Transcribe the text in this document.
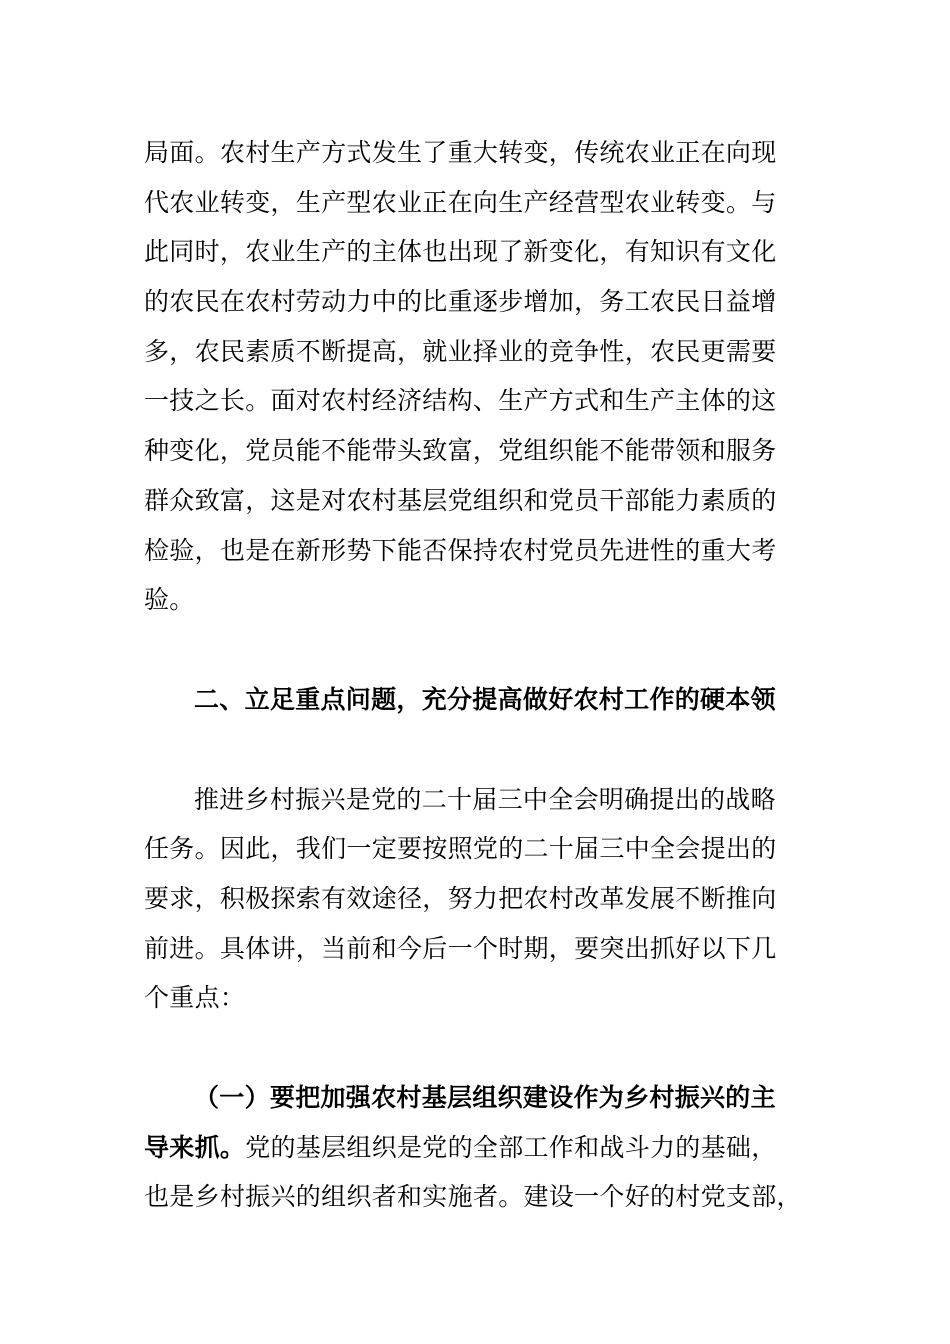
局面。农村生产方式发生了重大转变，传统农业正在向现
代农业转变，生产型农业正在向生产经营型农业转变。与
此同时，农业生产的主体也出现了新变化，有知识有文化
的农民在农村劳动力中的比重逐步增加，务工农民日益增
多，农民素质不断提高，就业择业的竞争性，农民更需要
一技之长。面对农村经济结构、生产方式和生产主体的这
种变化，党员能不能带头致富，党组织能不能带领和服务
群众致富，这是对农村基层党组织和党员干部能力素质的
检验，也是在新形势下能否保持农村党员先进性的重大考
验。
二、立足重点问题，充分提高做好农村工作的硬本领
推进乡村振兴是党的二十届三中全会明确提出的战略
任务。因此，我们一定要按照党的二十届三中全会提出的
要求，积极探索有效途径，努力把农村改革发展不断推向
前进。具体讲，当前和今后一个时期，要突出抓好以下几
个重点：
（一）要把加强农村基层组织建设作为乡村振兴的主
导来抓。党的基层组织是党的全部工作和战斗力的基础，
也是乡村振兴的组织者和实施者。建设一个好的村党支部，
